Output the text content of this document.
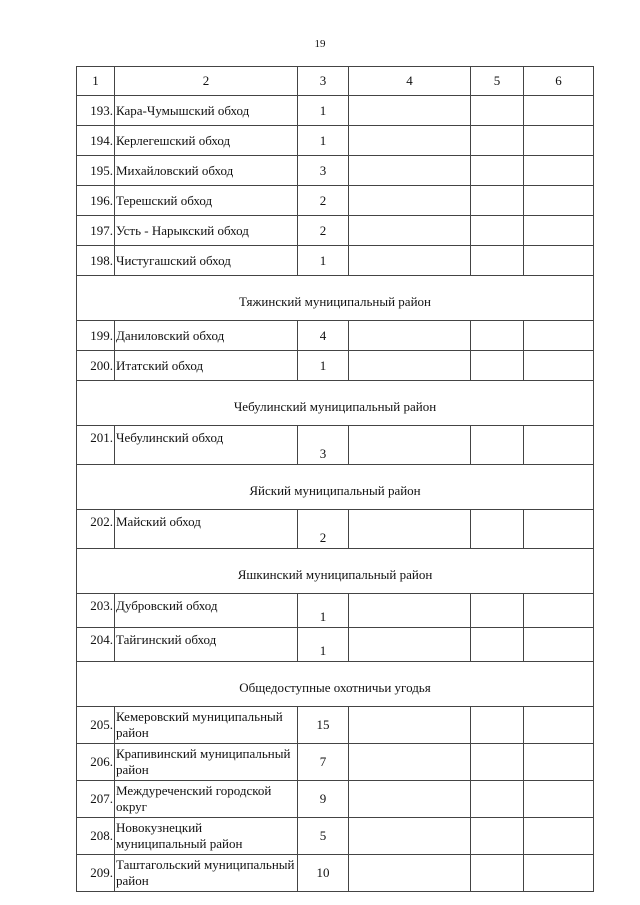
19
1	2	3	4	5	6
193.	Кара-Чумышский обход	1			
194.	Керлегешский обход	1			
195.	Михайловский обход	3			
196.	Терешский обход	2			
197.	Усть - Нарыкский обход	2			
198.	Чистугашский обход	1			
Тяжинский муниципальный район					
199.	Даниловский обход	4			
200.	Итатский обход	1			
Чебулинский муниципальный район					
201.	Чебулинский обход	3			
Яйский муниципальный район					
202.	Майский обход	2			
Яшкинский муниципальный район					
203.	Дубровский обход	1			
204.	Тайгинский обход	1			
Общедоступные охотничьи угодья					
205.	Кемеровский муниципальный район	15			
206.	Крапивинский муниципальный район	7			
207.	Междуреченский городской округ	9			
208.	Новокузнецкий муниципальный район	5			
209.	Таштагольский муниципальный район	10			
